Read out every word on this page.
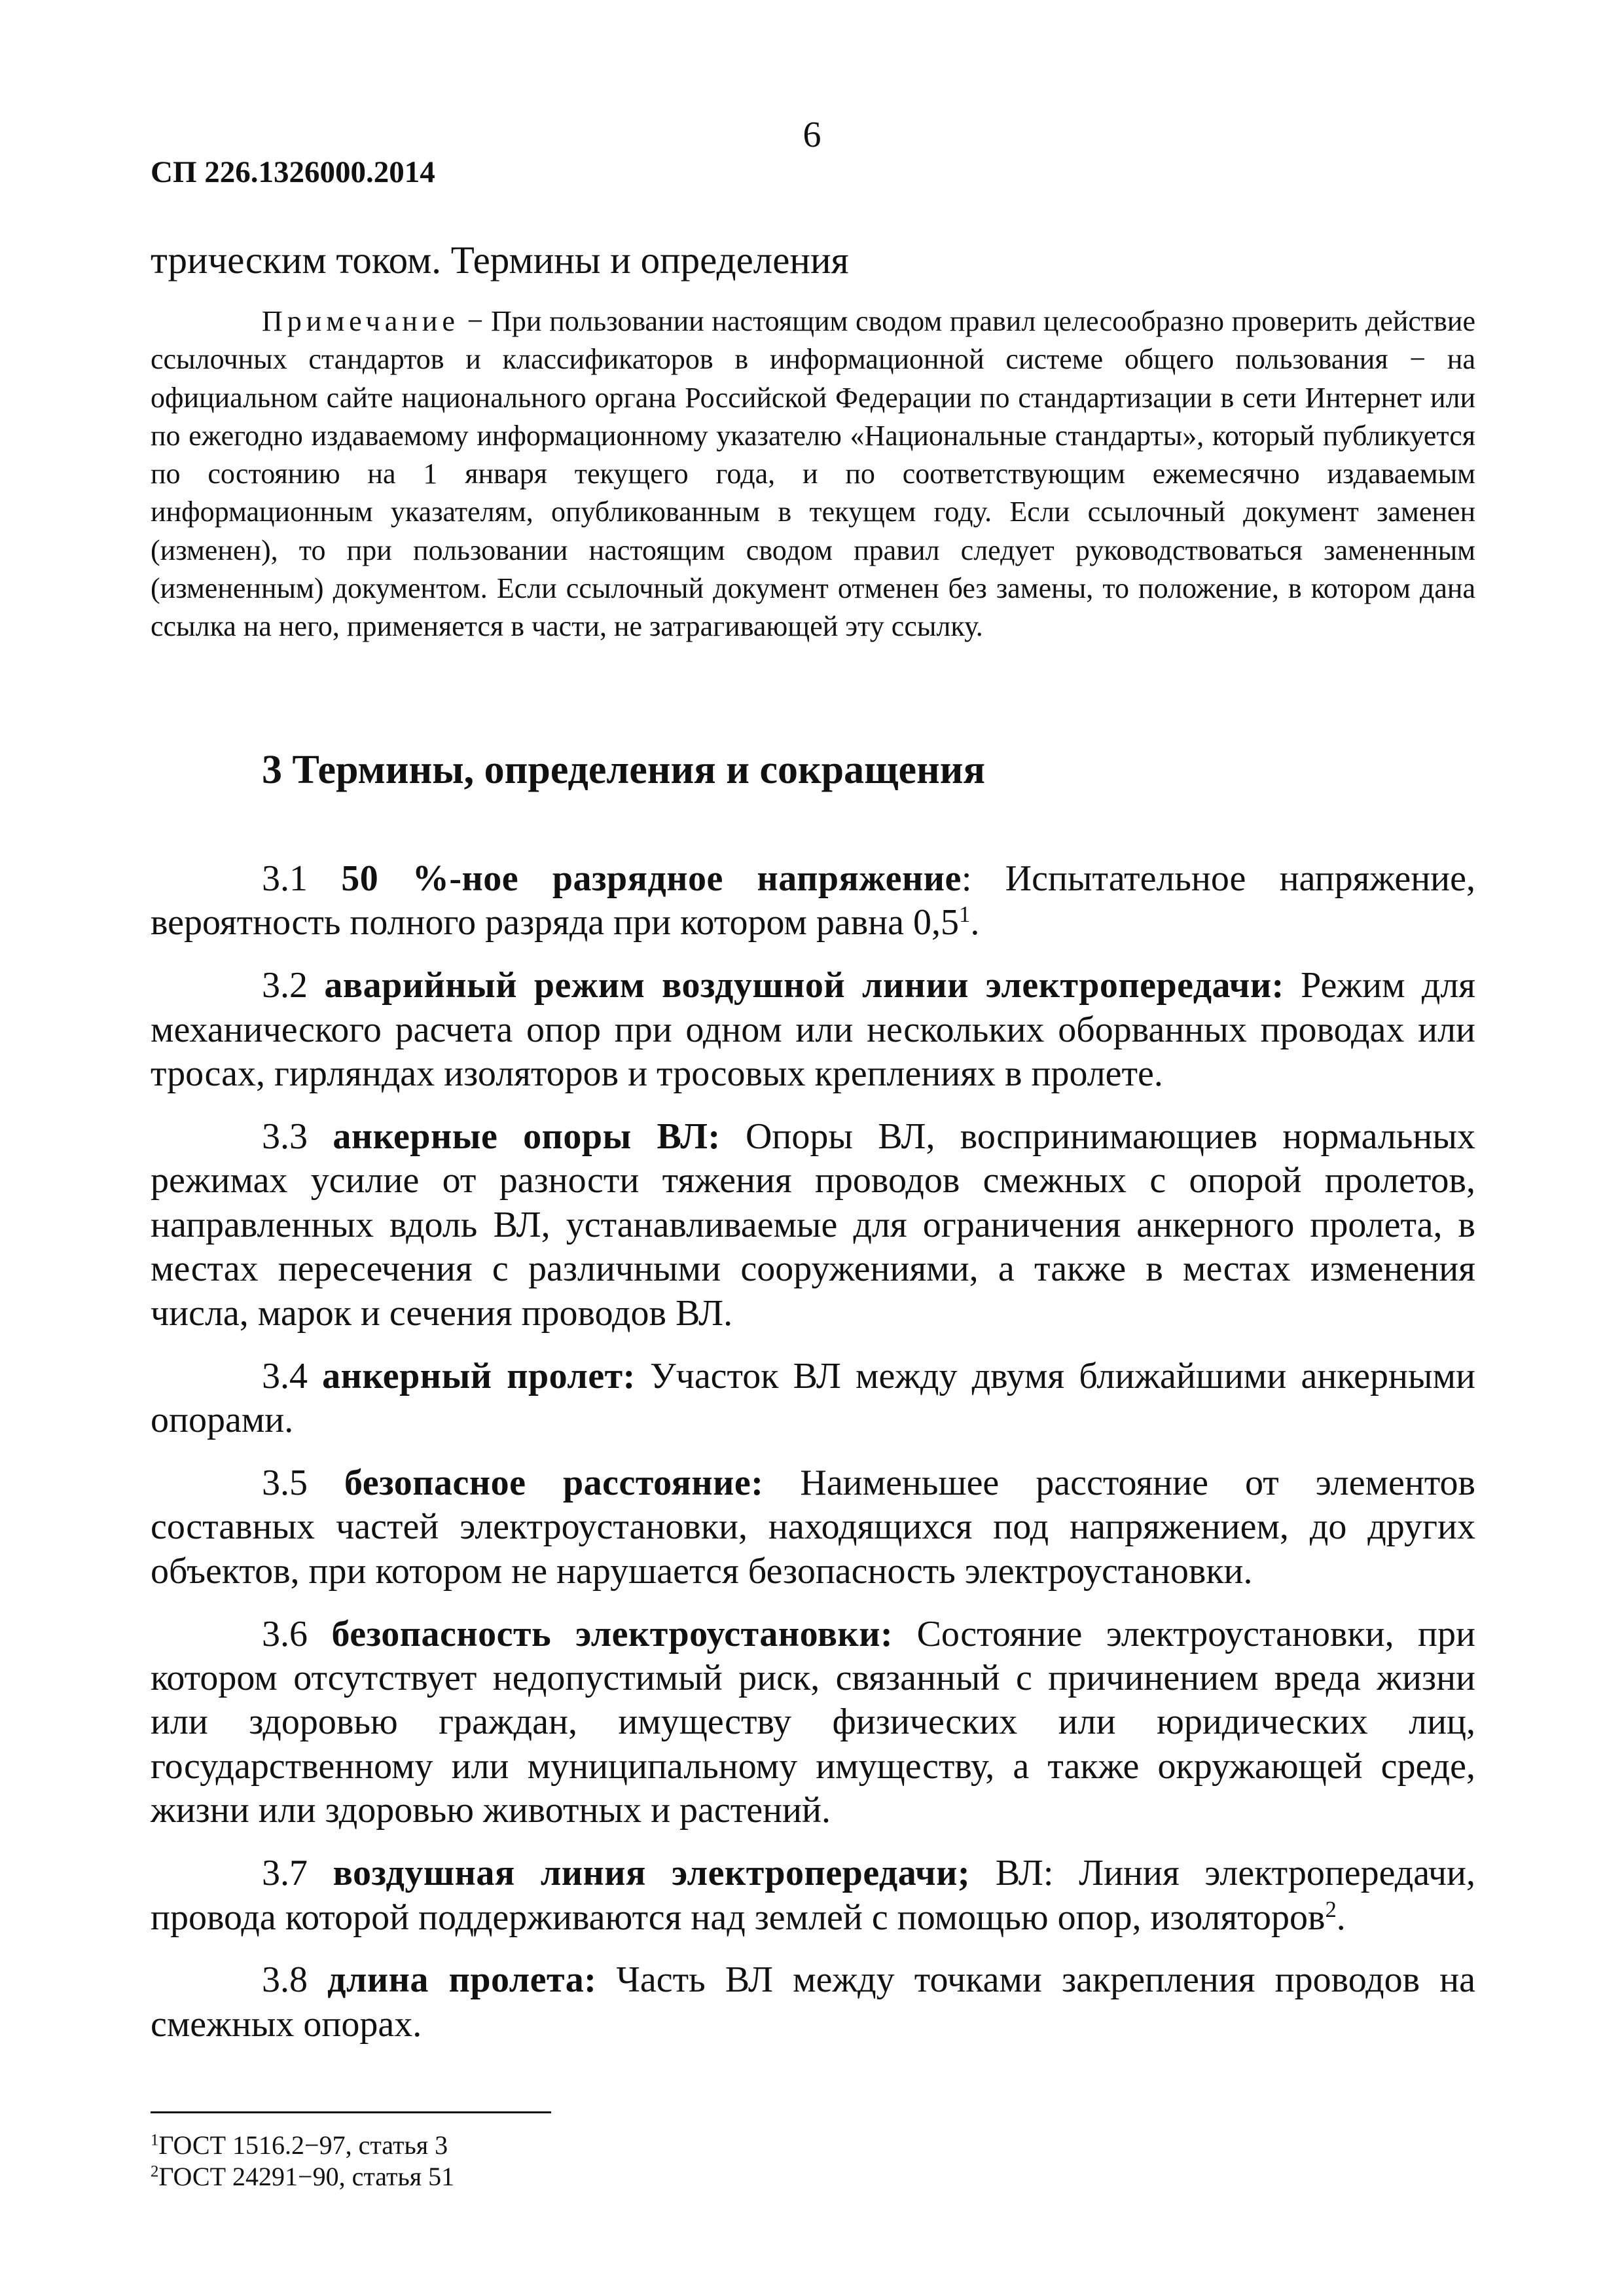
6
СП 226.1326000.2014
трическим током. Термины и определения
Примечание − При пользовании настоящим сводом правил целесообразно проверить действие ссылочных стандартов и классификаторов в информационной системе общего пользования − на официальном сайте национального органа Российской Федерации по стандартизации в сети Интернет или по ежегодно издаваемому информационному указателю «Национальные стандарты», который публикуется по состоянию на 1 января текущего года, и по соответствующим ежемесячно издаваемым информационным указателям, опубликованным в текущем году. Если ссылочный документ заменен (изменен), то при пользовании настоящим сводом правил следует руководствоваться замененным (измененным) документом. Если ссылочный документ отменен без замены, то положение, в котором дана ссылка на него, применяется в части, не затрагивающей эту ссылку.
3 Термины, определения и сокращения

3.1 50 %-ное разрядное напряжение: Испытательное напряжение, вероятность полного разряда при котором равна $0,5^1$.

3.2 аварийный режим воздушной линии электропередачи: Режим для механического расчета опор при одном или нескольких оборванных проводах или тросах, гирляндах изоляторов и тросовых креплениях в пролете.

3.3 анкерные опоры ВЛ: Опоры ВЛ, воспринимающиев нормальных режимах усилие от разности тяжения проводов смежных с опорой пролетов, направленных вдоль ВЛ, устанавливаемые для ограничения анкерного пролета, в местах пересечения с различными сооружениями, а также в местах изменения числа, марок и сечения проводов ВЛ.

3.4 анкерный пролет: Участок ВЛ между двумя ближайшими анкерными опорами.

3.5 безопасное расстояние: Наименьшее расстояние от элементов составных частей электроустановки, находящихся под напряжением, до других объектов, при котором не нарушается безопасность электроустановки.

3.6 безопасность электроустановки: Состояние электроустановки, при котором отсутствует недопустимый риск, связанный с причинением вреда жизни или здоровью граждан, имуществу физических или юридических лиц, государственному или муниципальному имуществу, а также окружающей среде, жизни или здоровью животных и растений.

3.7 воздушная линия электропередачи; ВЛ: Линия электропередачи, провода которой поддерживаются над землей с помощью опор, изоляторов$^2$.

3.8 длина пролета: Часть ВЛ между точками закрепления проводов на смежных опорах.

$^1$ГОСТ 1516.2−97, статья 3
$^2$ГОСТ 24291−90, статья 51
